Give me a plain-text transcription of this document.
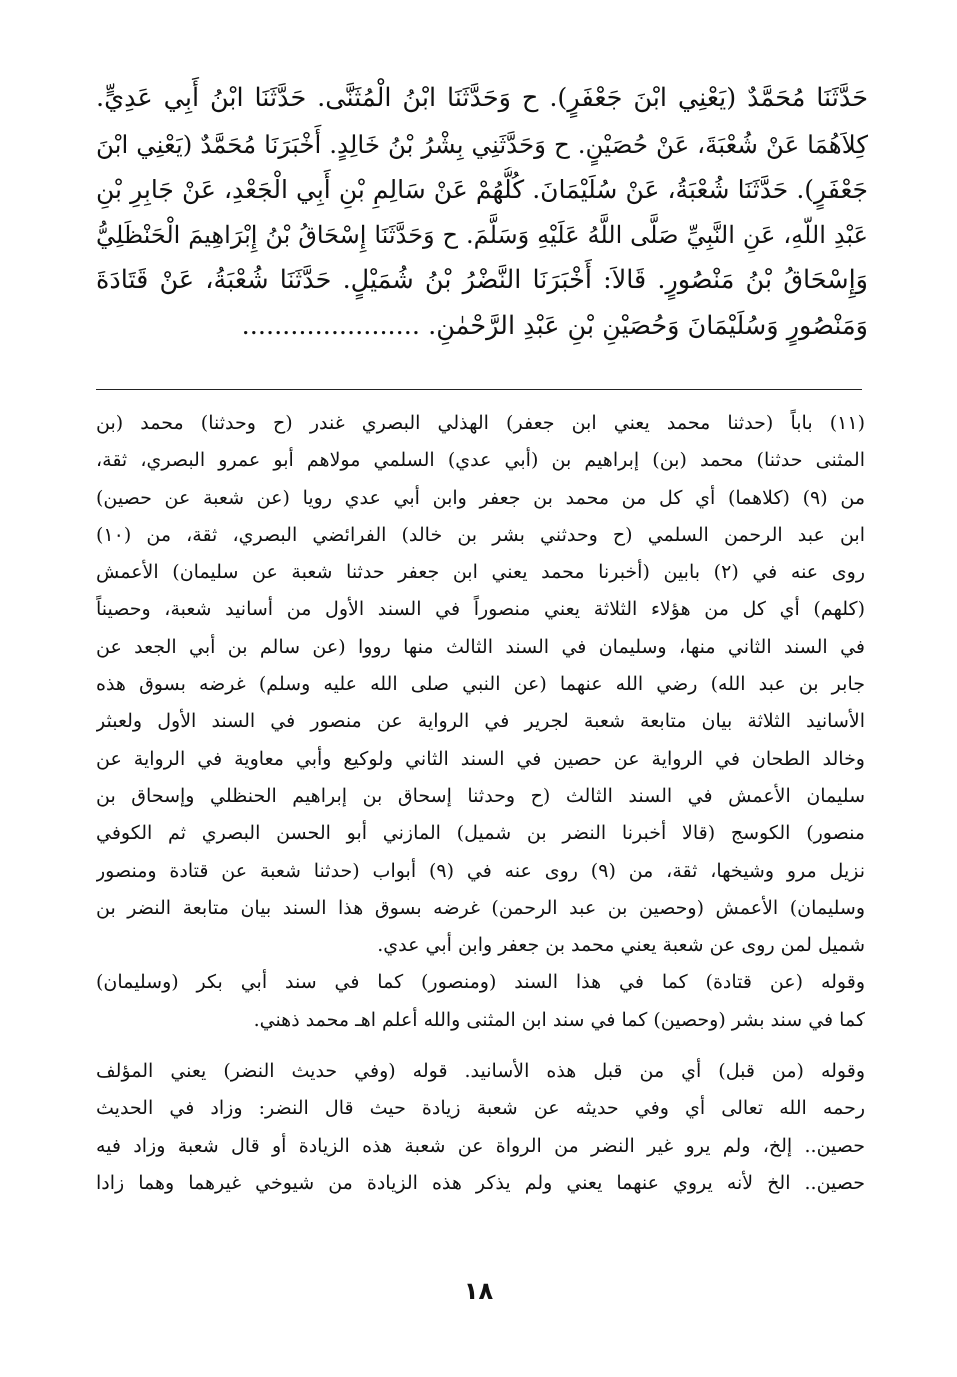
حَدَّثَنَا مُحَمَّدٌ (يَعْنِي ابْنَ جَعْفَرٍ). ح وَحَدَّثَنَا ابْنُ الْمُثَنَّى. حَدَّثَنَا ابْنُ أَبِي عَدِيٍّ.
كِلاَهُمَا عَنْ شُعْبَةَ، عَنْ حُصَيْنٍ. ح وَحَدَّثَنِي بِشْرُ بْنُ خَالِدٍ. أَخْبَرَنَا مُحَمَّدٌ (يَعْنِي ابْنَ
جَعْفَرٍ). حَدَّثَنَا شُعْبَةُ، عَنْ سُلَيْمَانَ. كُلُّهُمْ عَنْ سَالِمِ بْنِ أَبِي الْجَعْدِ، عَنْ جَابِرِ بْنِ
عَبْدِ اللّهِ، عَنِ النَّبِيِّ صَلَّى اللَّهُ عَلَيْهِ وَسَلَّمَ. ح وَحَدَّثَنَا إِسْحَاقُ بْنُ إِبْرَاهِيمَ الْحَنْظَلِيُّ
وَإِسْحَاقُ بْنُ مَنْصُورٍ. قَالاَ: أَخْبَرَنَا النَّضْرُ بْنُ شُمَيْلٍ. حَدَّثَنَا شُعْبَةُ، عَنْ قَتَادَةَ
وَمَنْصُورٍ وَسُلَيْمَانَ وَحُصَيْنِ بْنِ عَبْدِ الرَّحْمٰنِ. ......................
(١١) باباً (حدثنا محمد يعني ابن جعفر) الهذلي البصري غندر (ح وحدثنا) محمد (بن
المثنى حدثنا) محمد (بن) إبراهيم بن (أبي عدي) السلمي مولاهم أبو عمرو البصري، ثقة،
من (٩) (كلاهما) أي كل من محمد بن جعفر وابن أبي عدي رويا (عن شعبة عن حصين)
ابن عبد الرحمن السلمي (ح وحدثني بشر بن خالد) الفرائضي البصري، ثقة، من (١٠)
روى عنه في (٢) بابين (أخبرنا محمد يعني ابن جعفر حدثنا شعبة عن سليمان) الأعمش
(كلهم) أي كل من هؤلاء الثلاثة يعني منصوراً في السند الأول من أسانيد شعبة، وحصيناً
في السند الثاني منها، وسليمان في السند الثالث منها رووا (عن سالم بن أبي الجعد عن
جابر بن عبد الله) رضي الله عنهما (عن النبي صلى الله عليه وسلم) غرضه بسوق هذه
الأسانيد الثلاثة بيان متابعة شعبة لجرير في الرواية عن منصور في السند الأول ولعبثر
وخالد الطحان في الرواية عن حصين في السند الثاني ولوكيع وأبي معاوية في الرواية عن
سليمان الأعمش في السند الثالث (ح وحدثنا إسحاق بن إبراهيم الحنظلي وإسحاق بن
منصور) الكوسج (قالا أخبرنا النضر بن شميل) المازني أبو الحسن البصري ثم الكوفي
نزيل مرو وشيخها، ثقة، من (٩) روى عنه في (٩) أبواب (حدثنا شعبة عن قتادة ومنصور
وسليمان) الأعمش (وحصين بن عبد الرحمن) غرضه بسوق هذا السند بيان متابعة النضر بن
شميل لمن روى عن شعبة يعني محمد بن جعفر وابن أبي عدي.
وقوله (عن قتادة) كما في هذا السند (ومنصور) كما في سند أبي بكر (وسليمان)
كما في سند بشر (وحصين) كما في سند ابن المثنى والله أعلم اهـ محمد ذهني.
وقوله (من قبل) أي من قبل هذه الأسانيد. قوله (وفي حديث النضر) يعني المؤلف
رحمه الله تعالى أي وفي حديثه عن شعبة زيادة حيث قال النضر: وزاد في الحديث
حصين.. إلخ، ولم يرو غير النضر من الرواة عن شعبة هذه الزيادة أو قال شعبة وزاد فيه
حصين.. الخ لأنه يروي عنهما يعني ولم يذكر هذه الزيادة من شيوخي غيرهما وهما زادا
١٨
